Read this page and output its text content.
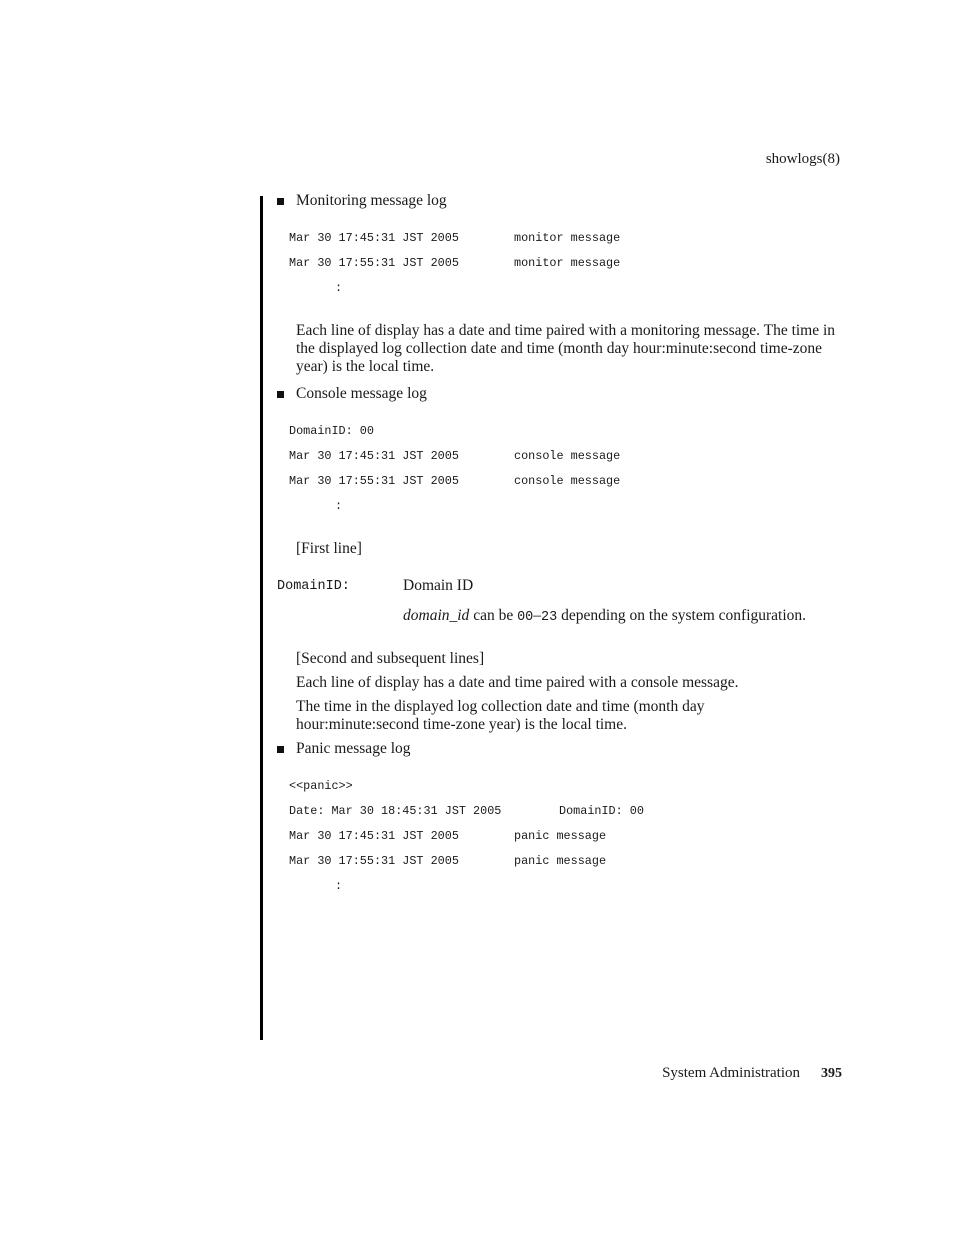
showlogs(8)
Monitoring message log
Mar 30 17:45:31 JST 2005	monitor message
Mar 30 17:55:31 JST 2005	monitor message
:
Each line of display has a date and time paired with a monitoring message. The time in the displayed log collection date and time (month day hour:minute:second time-zone year) is the local time.
Console message log
DomainID: 00
Mar 30 17:45:31 JST 2005	console message
Mar 30 17:55:31 JST 2005	console message
:
[First line]
DomainID:	Domain ID
domain_id can be 00–23 depending on the system configuration.
[Second and subsequent lines]
Each line of display has a date and time paired with a console message.
The time in the displayed log collection date and time (month day hour:minute:second time-zone year) is the local time.
Panic message log
<<panic>>
Date: Mar 30 18:45:31 JST 2005	DomainID: 00
Mar 30 17:45:31 JST 2005	panic message
Mar 30 17:55:31 JST 2005	panic message
:
System Administration 395
